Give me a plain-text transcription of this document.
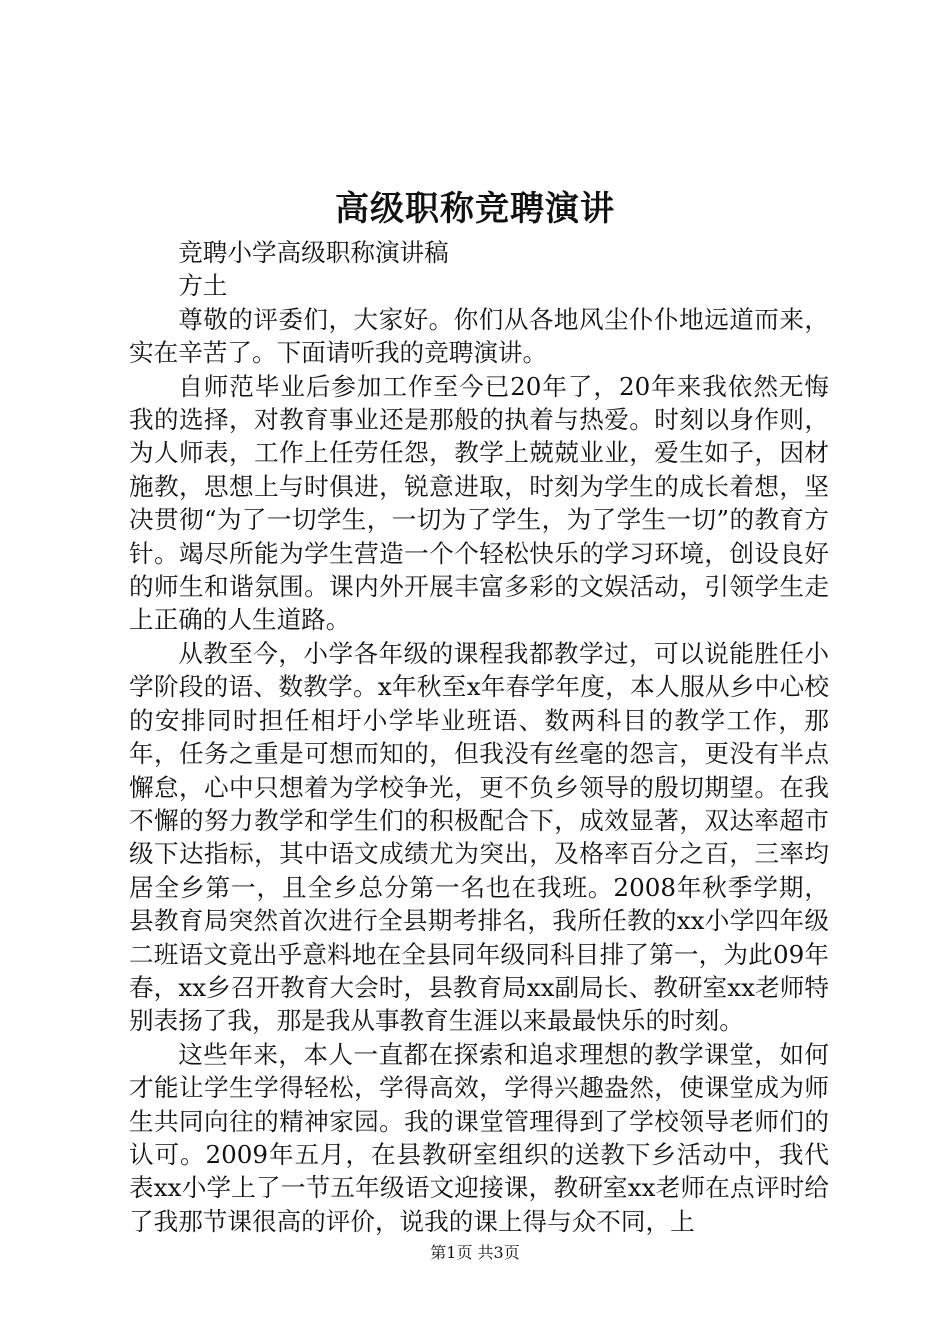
高级职称竞聘演讲

竞聘小学高级职称演讲稿

方土

尊敬的评委们，大家好。你们从各地风尘仆仆地远道而来，实在辛苦了。下面请听我的竞聘演讲。

自师范毕业后参加工作至今已20年了，20年来我依然无悔我的选择，对教育事业还是那般的执着与热爱。时刻以身作则，为人师表，工作上任劳任怨，教学上兢兢业业，爱生如子，因材施教，思想上与时俱进，锐意进取，时刻为学生的成长着想，坚决贯彻“为了一切学生，一切为了学生，为了学生一切”的教育方针。竭尽所能为学生营造一个个轻松快乐的学习环境，创设良好的师生和谐氛围。课内外开展丰富多彩的文娱活动，引领学生走上正确的人生道路。

从教至今，小学各年级的课程我都教学过，可以说能胜任小学阶段的语、数教学。x年秋至x年春学年度，本人服从乡中心校的安排同时担任相圩小学毕业班语、数两科目的教学工作，那年，任务之重是可想而知的，但我没有丝毫的怨言，更没有半点懈怠，心中只想着为学校争光，更不负乡领导的殷切期望。在我不懈的努力教学和学生们的积极配合下，成效显著，双达率超市级下达指标，其中语文成绩尤为突出，及格率百分之百，三率均居全乡第一，且全乡总分第一名也在我班。2008年秋季学期，县教育局突然首次进行全县期考排名，我所任教的xx小学四年级二班语文竟出乎意料地在全县同年级同科目排了第一，为此09年春，xx乡召开教育大会时，县教育局xx副局长、教研室xx老师特别表扬了我，那是我从事教育生涯以来最最快乐的时刻。

这些年来，本人一直都在探索和追求理想的教学课堂，如何才能让学生学得轻松，学得高效，学得兴趣盎然，使课堂成为师生共同向往的精神家园。我的课堂管理得到了学校领导老师们的认可。2009年五月，在县教研室组织的送教下乡活动中，我代表xx小学上了一节五年级语文迎接课，教研室xx老师在点评时给了我那节课很高的评价，说我的课上得与众不同，上

第1页 共3页
